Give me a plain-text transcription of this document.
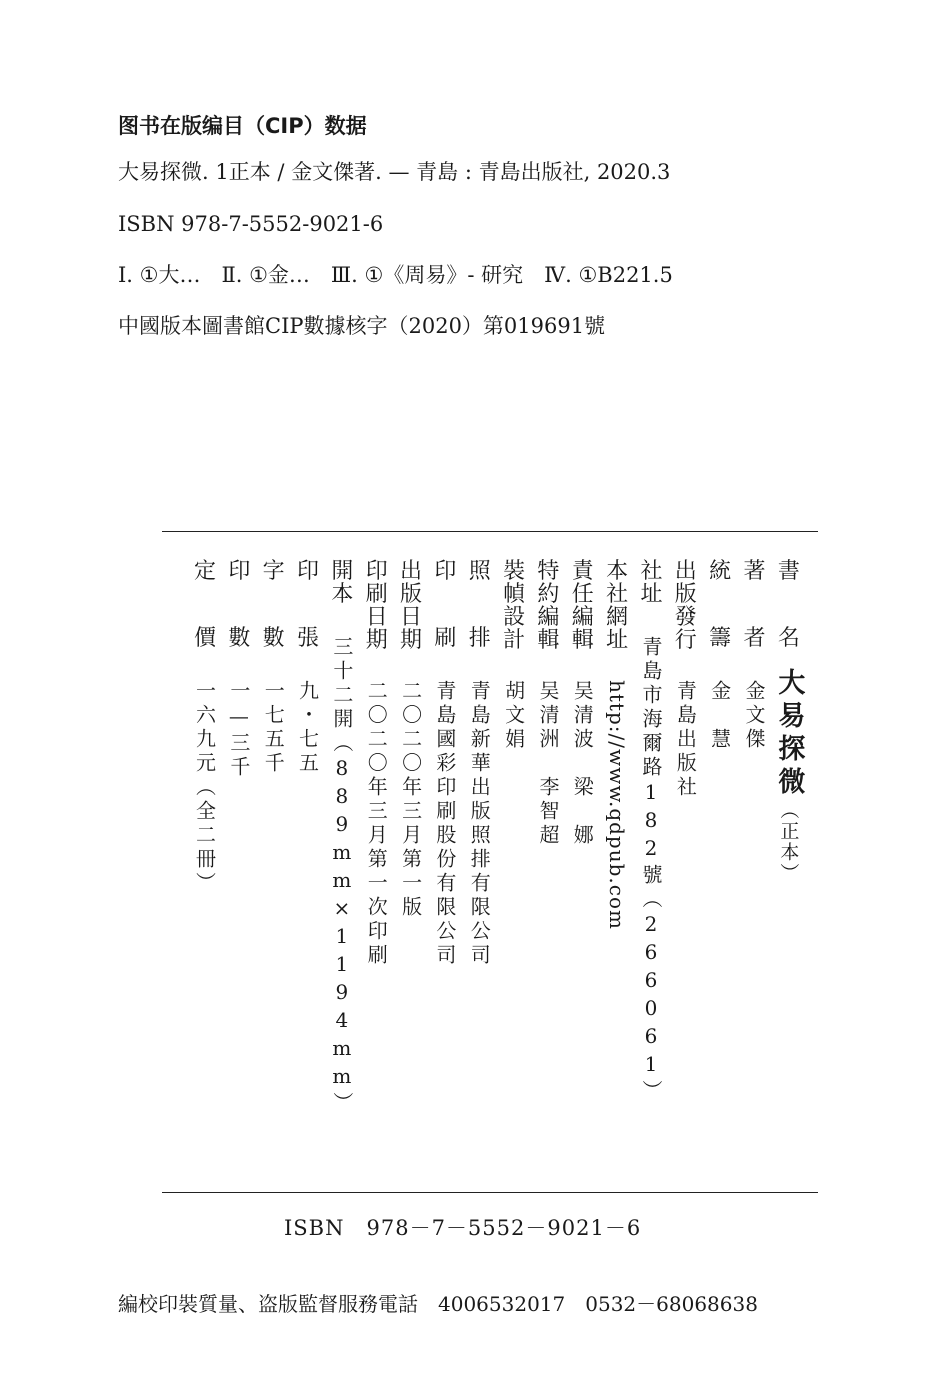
图书在版编目（CIP）数据
大易探微. 1正本 / 金文傑著. — 青島 : 青島出版社, 2020.3
ISBN 978-7-5552-9021-6
Ⅰ. ①大…　Ⅱ. ①金…　Ⅲ. ①《周易》- 研究　Ⅳ. ①B221.5
中國版本圖書館CIP數據核字（2020）第019691號
書
名
大易探微（正本）
著
者
金文傑
統
籌
金　慧
出
版
發
行
青島出版社
社
址
青島市海爾路182號（266061）
本
社
網
址
http://www.qdpub.com
責
任
編
輯
吴清波　梁　娜
特
約
編
輯
吴清洲　李智超
裝
幀
設
計
胡文娟
照
排
青島新華出版照排有限公司
印
刷
青島國彩印刷股份有限公司
出
版
日
期
二〇二〇年三月第一版
印
刷
日
期
二〇二〇年三月第一次印刷
開
本
三十二開（889mm×1194mm）
印
張
九・七五
字
數
一七五千
印
數
一—三千
定
價
一六九元（全二冊）
ISBN　978－7－5552－9021－6
編校印裝質量、盗版監督服務電話 4006532017 0532－68068638
